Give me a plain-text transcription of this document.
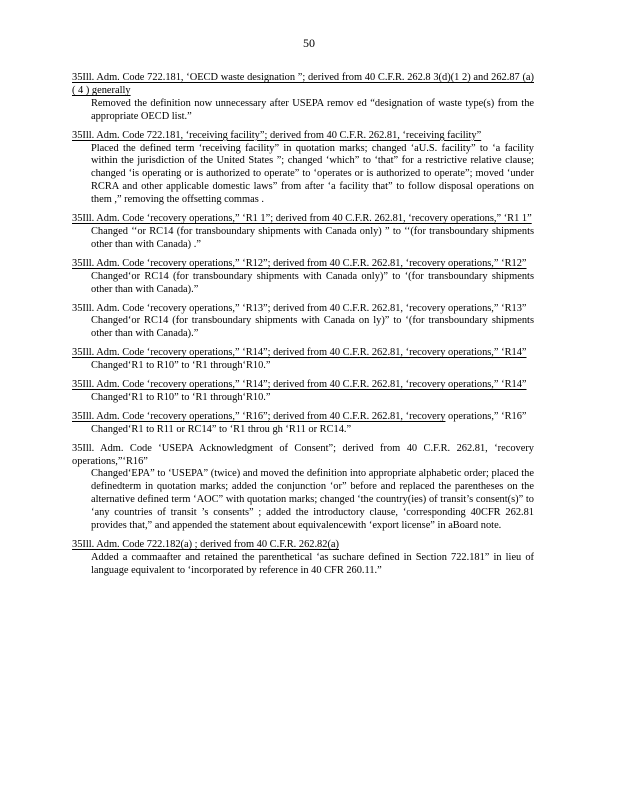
50
35Ill. Adm. Code 722.181, ‘OECD waste designation ”; derived from 40 C.F.R. 262.8 3(d)(1 2) and 262.87 (a)( 4 ) generally
Removed the definition now unnecessary after USEPA remov ed “designation of waste type(s) from the appropriate OECD list.”
35Ill. Adm. Code 722.181, ‘receiving facility”; derived from 40 C.F.R. 262.81, ‘receiving facility”
Placed the defined term ‘receiving facility” in quotation marks; changed ‘aU.S. facility” to ‘a facility within the jurisdiction of the United States ”; changed ‘which” to ‘that” for a restrictive relative clause; changed ‘is operating or is authorized to operate” to ‘operates or is authorized to operate”; moved ‘under RCRA and other applicable domestic laws” from after ‘a facility that” to follow disposal operations on them ,” removing the offsetting commas .
35Ill. Adm. Code ‘recovery operations,” ‘R1 1”; derived from 40 C.F.R. 262.81, ‘recovery operations,” ‘R1 1”
Changed ‘‘or RC14 (for transboundary shipments with Canada only) ” to ‘‘(for transboundary shipments other than with Canada) .”
35Ill. Adm. Code ‘recovery operations,” ‘R12”; derived from 40 C.F.R. 262.81, ‘recovery operations,” ‘R12”
Changed‘or RC14 (for transboundary shipments with Canada only)” to ‘(for transboundary shipments other than with Canada).”
35Ill. Adm. Code ‘recovery operations,” ‘R13”; derived from 40 C.F.R. 262.81, ‘recovery operations,” ‘R13”
Changed‘or RC14 (for transboundary shipments with Canada on ly)” to ‘(for transboundary shipments other than with Canada).”
35Ill. Adm. Code ‘recovery operations,” ‘R14”; derived from 40 C.F.R. 262.81, ‘recovery operations,” ‘R14”
Changed‘R1 to R10” to ‘R1 through‘R10.”
35Ill. Adm. Code ‘recovery operations,” ‘R14”; derived from 40 C.F.R. 262.81, ‘recovery operations,” ‘R14”
Changed‘R1 to R10” to ‘R1 through‘R10.”
35Ill. Adm. Code ‘recovery operations,” ‘R16”; derived from 40 C.F.R. 262.81, ‘recovery operations,” ‘R16”
Changed‘R1 to R11 or RC14” to ‘R1 throu gh ‘R11 or RC14.”
35Ill. Adm. Code ‘USEPA Acknowledgment of Consent”; derived from 40 C.F.R. 262.81, ‘recovery operations,”‘R16”
Changed‘EPA” to ‘USEPA” (twice) and moved the definition into appropriate alphabetic order; placed the definedterm in quotation marks; added the conjunction ‘or” before and replaced the parentheses on the alternative defined term ‘AOC” with quotation marks; changed ‘the country(ies) of transit’s consent(s)” to ‘any countries of transit ’s consents” ; added the introductory clause, ‘corresponding 40CFR 262.81 provides that,” and appended the statement about equivalencewith ‘export license” in aBoard note.
35Ill. Adm. Code 722.182(a) ; derived from 40 C.F.R. 262.82(a)
Added a commaafter and retained the parenthetical ‘as suchare defined in Section 722.181” in lieu of language equivalent to ‘incorporated by reference in 40 CFR 260.11.”
